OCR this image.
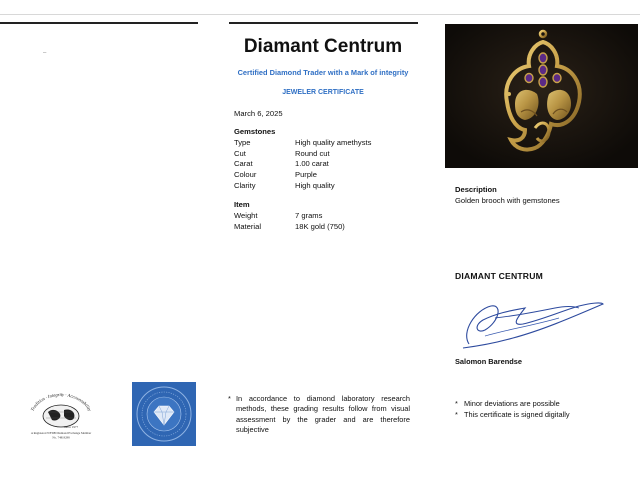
–	Diamant Centrum
Certified Diamond Trader with a Mark of integrity
JEWELER CERTIFICATE
March 6, 2025
Gemstones
Type	High quality amethysts
Cut	Round cut
Carat	1.00 carat
Colour	Purple
Clarity	High quality
Item
Weight	7 grams
Material	18K gold (750)
Description
Golden brooch with gemstones
DIAMANT CENTRUM
Salomon Barendse
* Minor deviations are possible
* This certificate is signed digitally
* In accordance to diamond laboratory research methods, these grading results follow from visual assessment by the grader and are therefore subjective
Tradition · Integrity · Accountability
Since 1977
A Registered WFDB Diamond Exchange Member
No. 74819298
